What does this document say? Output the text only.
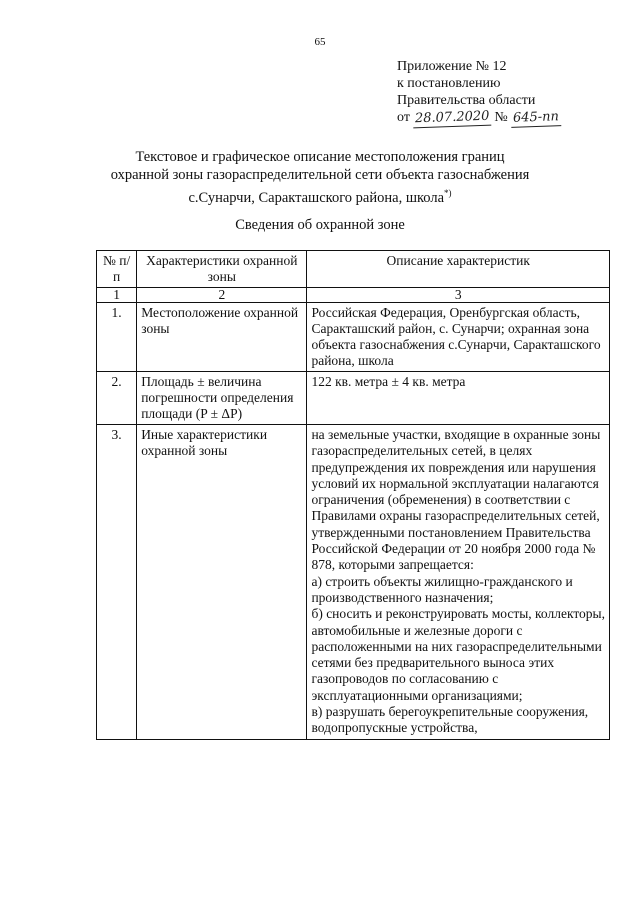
65
Приложение № 12
к постановлению
Правительства области
от 28.07.2020 № 645-пп
Текстовое и графическое описание местоположения границ
охранной зоны газораспределительной сети объекта газоснабжения
с.Сунарчи, Саракташского района, школа*)
Сведения об охранной зоне
№ п/п	Характеристики охранной зоны	Описание характеристик
1	2	3
1.	Местоположение охранной зоны	Российская Федерация, Оренбургская область, Саракташский район, с. Сунарчи; охранная зона объекта газоснабжения с.Сунарчи, Саракташского района, школа
2.	Площадь ± величина погрешности определения площади (P ± ΔP)	122 кв. метра ± 4 кв. метра
3.	Иные характеристики охранной зоны	на земельные участки, входящие в охранные зоны газораспределительных сетей, в целях предупреждения их повреждения или нарушения условий их нормальной эксплуатации налагаются ограничения (обременения) в соответствии с Правилами охраны газораспределительных сетей, утвержденными постановлением Правительства Российской Федерации от 20 ноября 2000 года № 878, которыми запрещается:
а) строить объекты жилищно-гражданского и производственного назначения;
б) сносить и реконструировать мосты, коллекторы, автомобильные и железные дороги с расположенными на них газораспределительными сетями без предварительного выноса этих газопроводов по согласованию с эксплуатационными организациями;
в) разрушать берегоукрепительные сооружения, водопропускные устройства,
